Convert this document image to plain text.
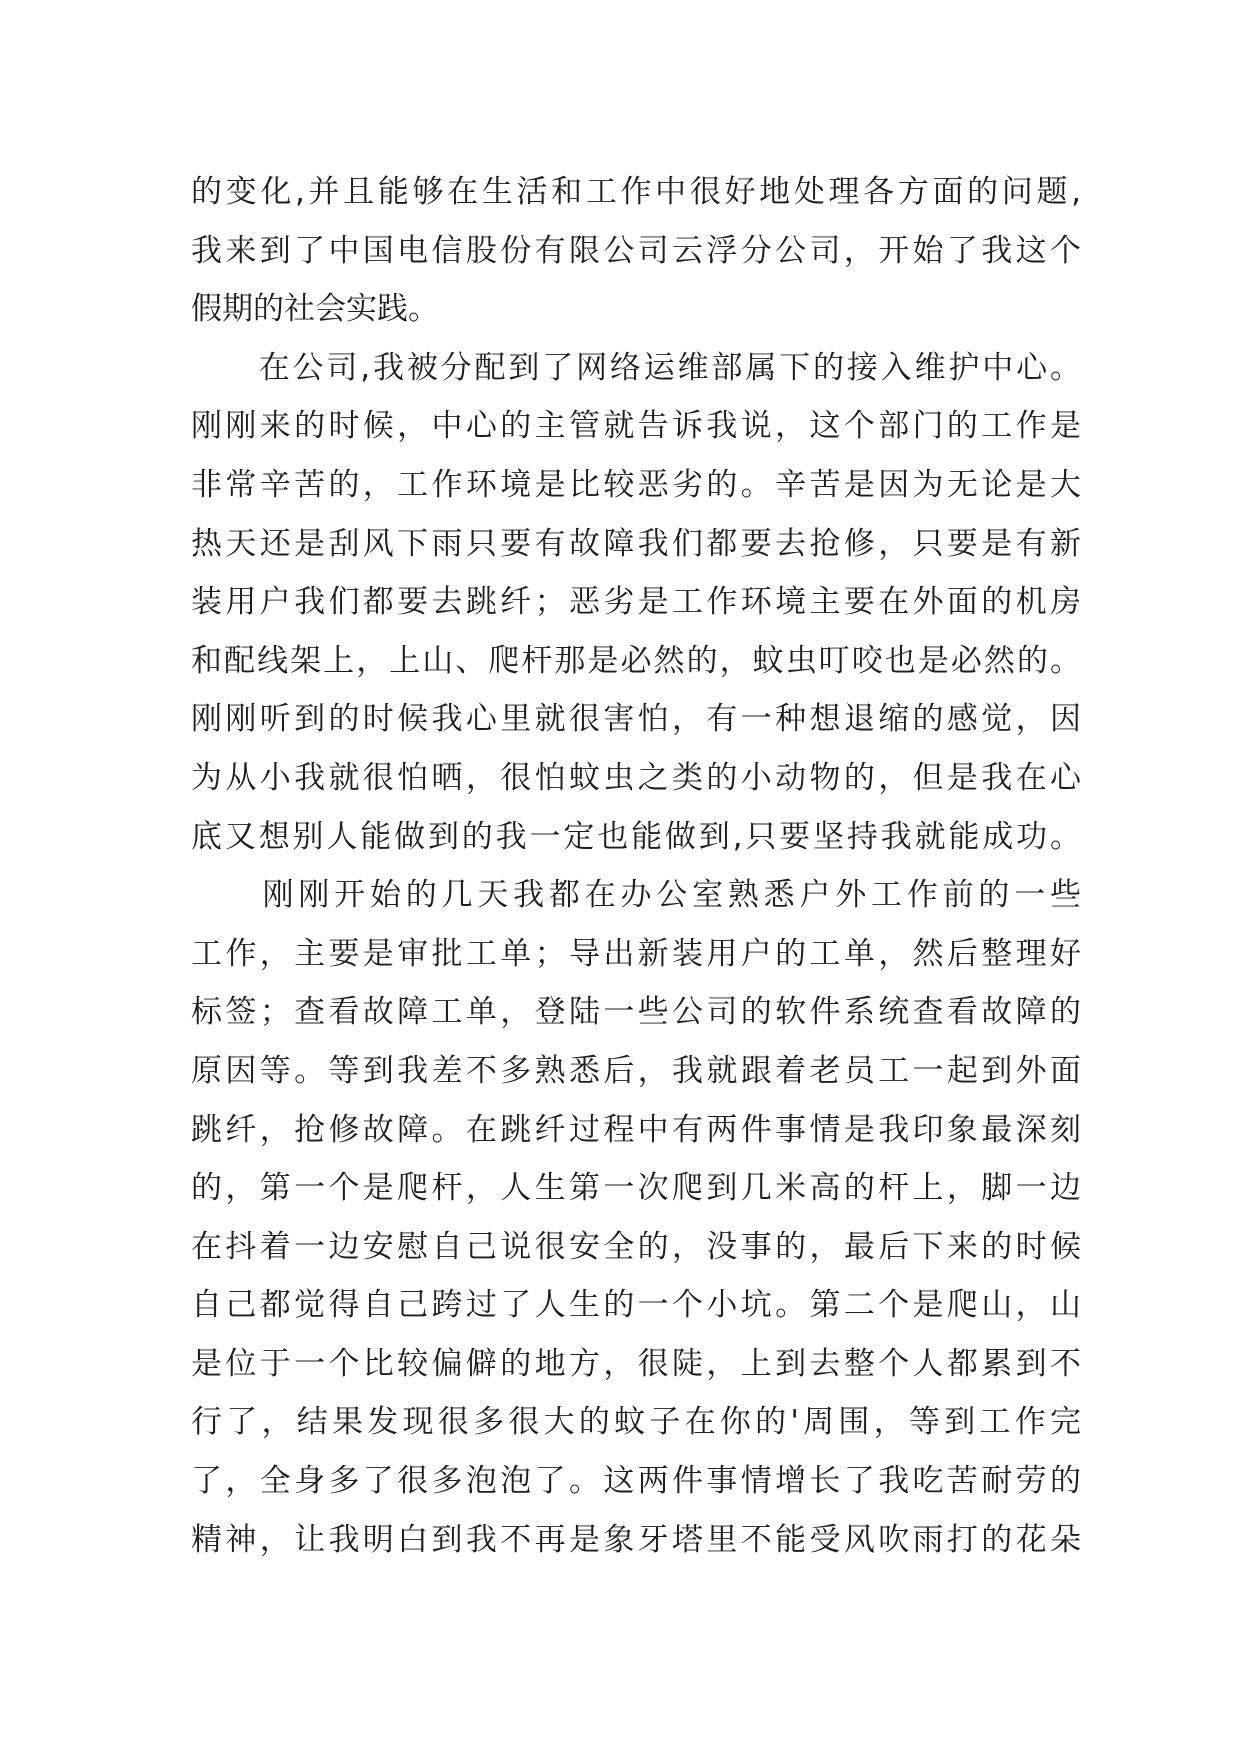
的变化,并且能够在生活和工作中很好地处理各方面的问题,
我来到了中国电信股份有限公司云浮分公司，开始了我这个
假期的社会实践。
　　在公司,我被分配到了网络运维部属下的接入维护中心。
刚刚来的时候，中心的主管就告诉我说，这个部门的工作是
非常辛苦的，工作环境是比较恶劣的。辛苦是因为无论是大
热天还是刮风下雨只要有故障我们都要去抢修，只要是有新
装用户我们都要去跳纤；恶劣是工作环境主要在外面的机房
和配线架上，上山、爬杆那是必然的，蚊虫叮咬也是必然的。
刚刚听到的时候我心里就很害怕，有一种想退缩的感觉，因
为从小我就很怕晒，很怕蚊虫之类的小动物的，但是我在心
底又想别人能做到的我一定也能做到,只要坚持我就能成功。
　　刚刚开始的几天我都在办公室熟悉户外工作前的一些
工作，主要是审批工单；导出新装用户的工单，然后整理好
标签；查看故障工单，登陆一些公司的软件系统查看故障的
原因等。等到我差不多熟悉后，我就跟着老员工一起到外面
跳纤，抢修故障。在跳纤过程中有两件事情是我印象最深刻
的，第一个是爬杆，人生第一次爬到几米高的杆上，脚一边
在抖着一边安慰自己说很安全的，没事的，最后下来的时候
自己都觉得自己跨过了人生的一个小坑。第二个是爬山，山
是位于一个比较偏僻的地方，很陡，上到去整个人都累到不
行了，结果发现很多很大的蚊子在你的'周围，等到工作完
了，全身多了很多泡泡了。这两件事情增长了我吃苦耐劳的
精神，让我明白到我不再是象牙塔里不能受风吹雨打的花朵
